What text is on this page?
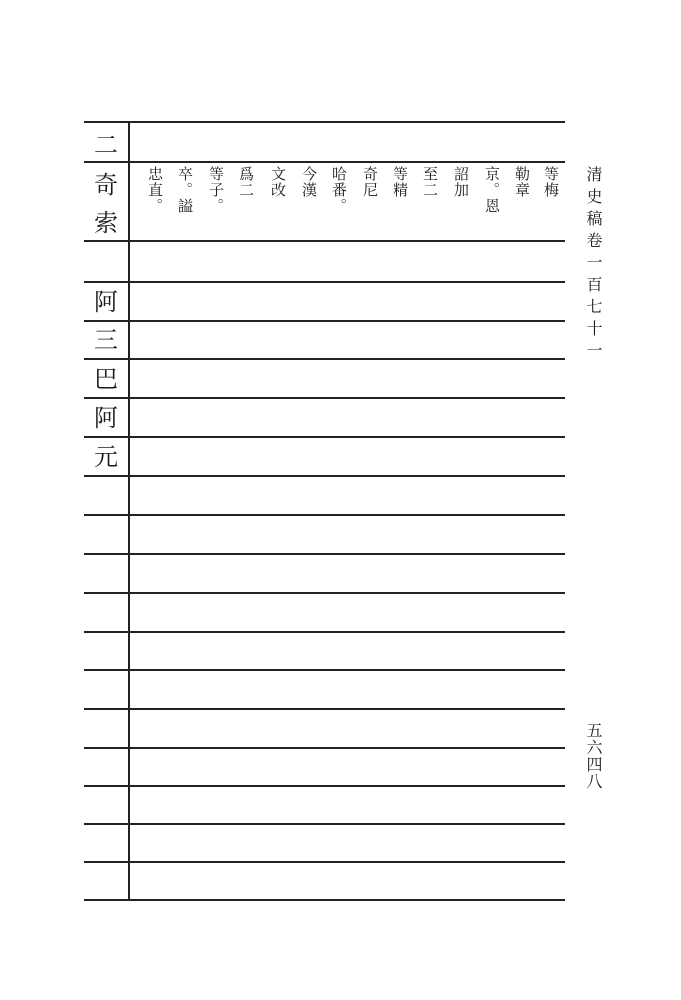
二
奇
索
阿
三
巴
阿
元
等梅
勒章
京。恩
詔加
至二
等精
奇尼
哈番。
今漢
文改
爲二
等子。
卒。謚
忠直。	清史稿卷一百七十一
五六四八
